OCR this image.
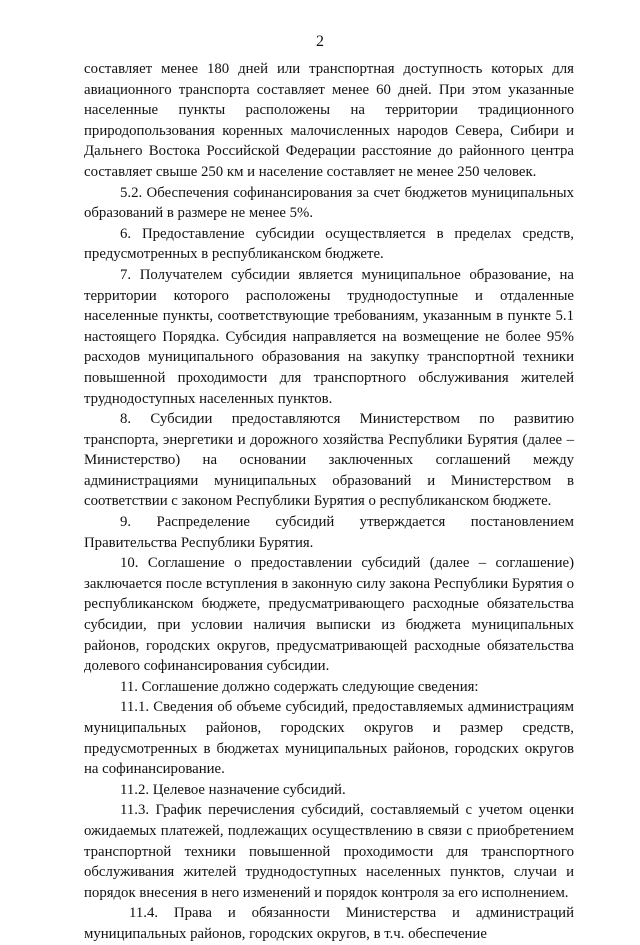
2

составляет менее 180 дней или транспортная доступность которых для авиационного транспорта составляет менее 60 дней. При этом указанные населенные пункты расположены на территории традиционного природопользования коренных малочисленных народов Севера, Сибири и Дальнего Востока Российской Федерации расстояние до районного центра составляет свыше 250 км и население составляет не менее 250 человек.

5.2. Обеспечения софинансирования за счет бюджетов муниципальных образований в размере не менее 5%.

6. Предоставление субсидии осуществляется в пределах средств, предусмотренных в республиканском бюджете.

7. Получателем субсидии является муниципальное образование, на территории которого расположены труднодоступные и отдаленные населенные пункты, соответствующие требованиям, указанным в пункте 5.1 настоящего Порядка. Субсидия направляется на возмещение не более 95% расходов муниципального образования на закупку транспортной техники повышенной проходимости для транспортного обслуживания жителей труднодоступных населенных пунктов.

8. Субсидии предоставляются Министерством по развитию транспорта, энергетики и дорожного хозяйства Республики Бурятия (далее – Министерство) на основании заключенных соглашений между администрациями муниципальных образований и Министерством в соответствии с законом Республики Бурятия о республиканском бюджете.

9. Распределение субсидий утверждается постановлением Правительства Республики Бурятия.

10. Соглашение о предоставлении субсидий (далее – соглашение) заключается после вступления в законную силу закона Республики Бурятия о республиканском бюджете, предусматривающего расходные обязательства субсидии, при условии наличия выписки из бюджета муниципальных районов, городских округов, предусматривающей расходные обязательства долевого софинансирования субсидии.

11. Соглашение должно содержать следующие сведения:

11.1. Сведения об объеме субсидий, предоставляемых администрациям муниципальных районов, городских округов и размер средств, предусмотренных в бюджетах муниципальных районов, городских округов на софинансирование.

11.2. Целевое назначение субсидий.

11.3. График перечисления субсидий, составляемый с учетом оценки ожидаемых платежей, подлежащих осуществлению в связи с приобретением транспортной техники повышенной проходимости для транспортного обслуживания жителей труднодоступных населенных пунктов, случаи и порядок внесения в него изменений и порядок контроля за его исполнением.

11.4. Права и обязанности Министерства и администраций муниципальных районов, городских округов, в т.ч. обеспечение
